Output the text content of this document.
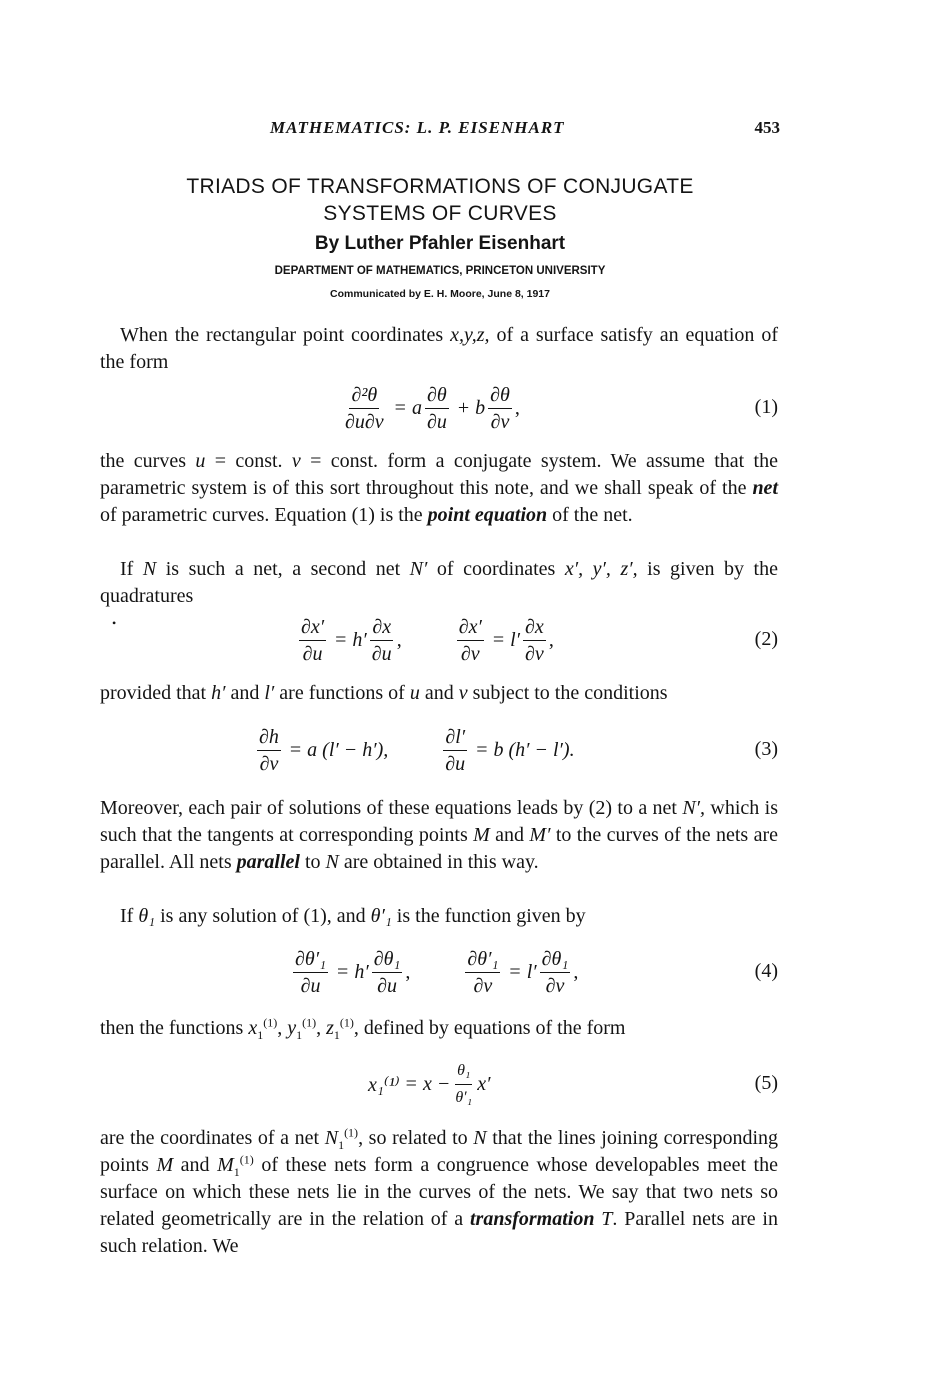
MATHEMATICS: L. P. EISENHART	453
TRIADS OF TRANSFORMATIONS OF CONJUGATE
SYSTEMS OF CURVES
By Luther Pfahler Eisenhart
DEPARTMENT OF MATHEMATICS, PRINCETON UNIVERSITY
Communicated by E. H. Moore, June 8, 1917
When the rectangular point coordinates x,y,z, of a surface satisfy an equation of the form
$\frac{\text{∂²θ}}{\partial u\partial v} = a \frac{\partial\theta}{\partial u} + b \frac{\partial\theta}{\partial v}$ ,	(1)
the curves u = const. v = const. form a conjugate system. We assume that the parametric system is of this sort throughout this note, and we shall speak of the net of parametric curves. Equation (1) is the point equation of the net.
If N is such a net, a second net N′ of coordinates x′, y′, z′, is given by the quadratures
$\frac{\partial x'}{\partial u} = h' \frac{\partial x}{\partial u}$ ,	$\frac{\partial x'}{\partial v} = l' \frac{\partial x}{\partial v}$ ,	(2)
provided that h′ and l′ are functions of u and v subject to the conditions
$\frac{\partial h}{\partial v} = a$ (l′ − h′),	$\frac{\partial l'}{\partial u} = b$ (h′ − l′).	(3)
Moreover, each pair of solutions of these equations leads by (2) to a net N′, which is such that the tangents at corresponding points M and M′ to the curves of the nets are parallel. All nets parallel to N are obtained in this way.
If θ₁ is any solution of (1), and θ′₁ is the function given by
$\frac{\text{∂θ′₁}}{\partial u} = h' \frac{\text{∂θ₁}}{\partial u}$ ,	$\frac{\text{∂θ′₁}}{\partial v} = l' \frac{\text{∂θ₁}}{\partial v}$ ,	(4)
then the functions $x_1^{(1)}$, $y_1^{(1)}$, $z_1^{(1)}$, defined by equations of the form
$x_1^{(1)} = x - \frac{\text{θ₁}}{\text{θ′₁}} x'$	(5)
are the coordinates of a net $N_1^{(1)}$, so related to N that the lines joining corresponding points M and $M_1^{(1)}$ of these nets form a congruence whose developables meet the surface on which these nets lie in the curves of the nets. We say that two nets so related geometrically are in the relation of a transformation T. Parallel nets are in such relation. We
•
